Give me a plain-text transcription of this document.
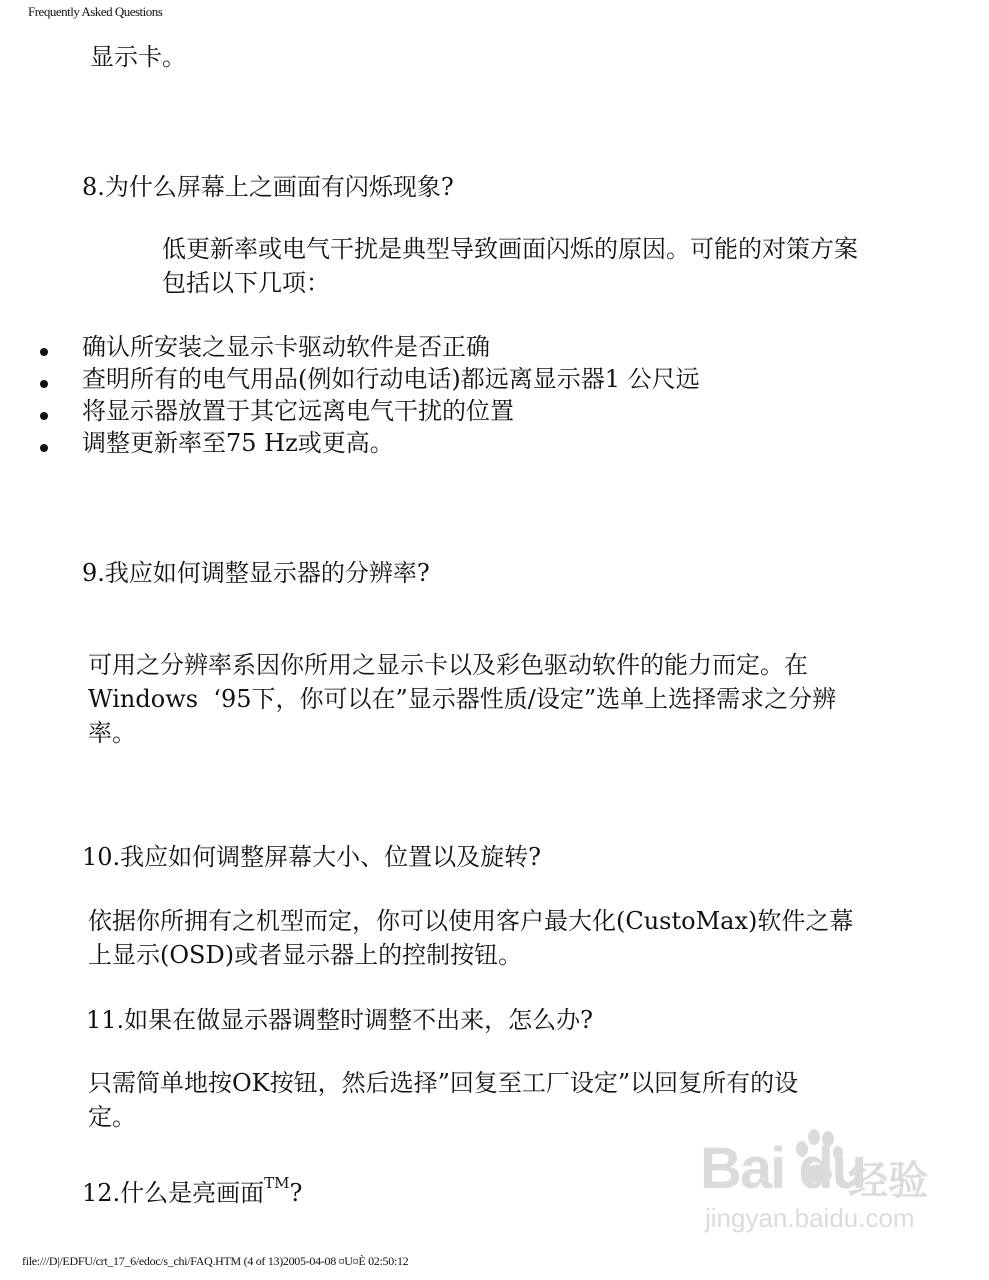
Frequently Asked Questions

显示卡。

8.为什么屏幕上之画面有闪烁现象?

低更新率或电气干扰是典型导致画面闪烁的原因。可能的对策方案

包括以下几项：

确认所安装之显示卡驱动软件是否正确
查明所有的电气用品(例如行动电话)都远离显示器1 公尺远
将显示器放置于其它远离电气干扰的位置
调整更新率至75 Hz或更高。

9.我应如何调整显示器的分辨率?

可用之分辨率系因你所用之显示卡以及彩色驱动软件的能力而定。在

Windows  ‘95下，你可以在”显示器性质/设定”选单上选择需求之分辨

率。

10.我应如何调整屏幕大小、位置以及旋转?

依据你所拥有之机型而定，你可以使用客户最大化(CustoMax)软件之幕

上显示(OSD)或者显示器上的控制按钮。

11.如果在做显示器调整时调整不出来，怎么办?

只需简单地按OK按钮，然后选择”回复至工厂设定”以回复所有的设

定。

12.什么是亮画面™?	Bai du
经验
jingyan.baidu.com
file:///D|/EDFU/crt_17_6/edoc/s_chi/FAQ.HTM (4 of 13)2005-04-08 ¤U¤È 02:50:12
